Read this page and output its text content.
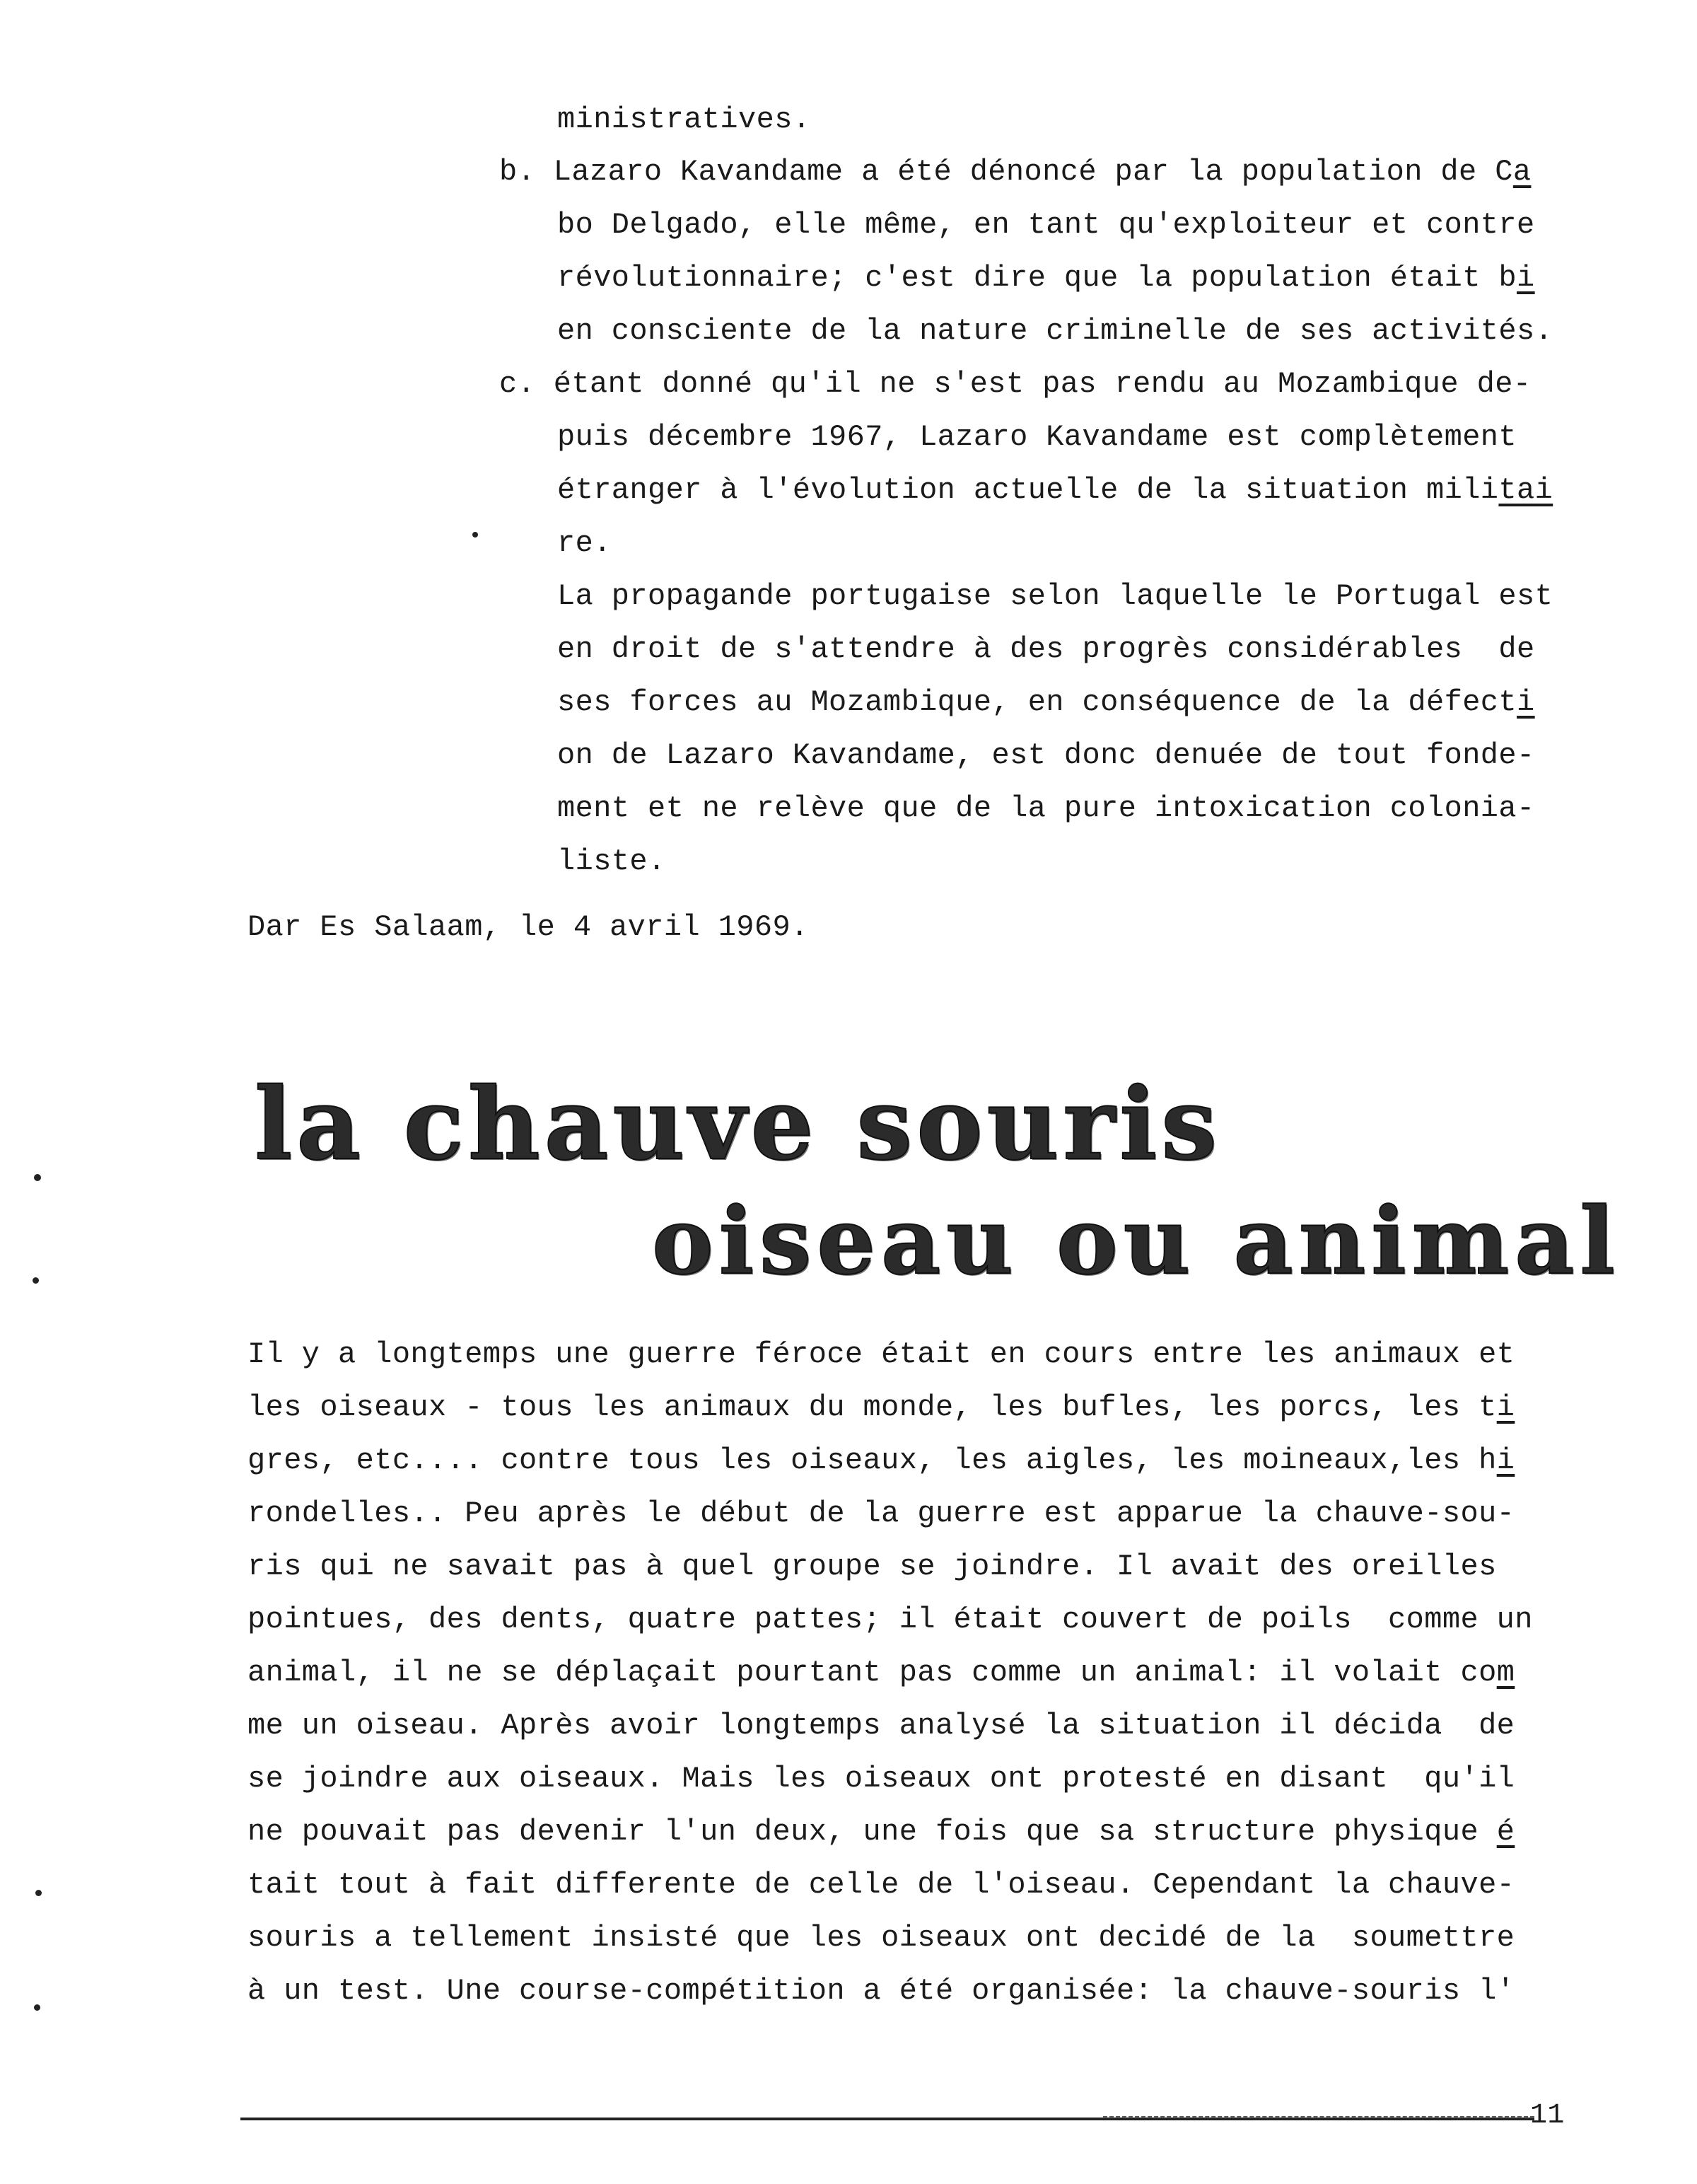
ministratives.
b. Lazaro Kavandame a été dénoncé par la population de Ca
bo Delgado, elle même, en tant qu'exploiteur et contre
révolutionnaire; c'est dire que la population était bi
en consciente de la nature criminelle de ses activités.
c. étant donné qu'il ne s'est pas rendu au Mozambique de-
puis décembre 1967, Lazaro Kavandame est complètement
étranger à l'évolution actuelle de la situation militai
re.
La propagande portugaise selon laquelle le Portugal est
en droit de s'attendre à des progrès considérables  de
ses forces au Mozambique, en conséquence de la défecti
on de Lazaro Kavandame, est donc denuée de tout fonde-
ment et ne relève que de la pure intoxication colonia-
liste.
Dar Es Salaam, le 4 avril 1969.
la chauve souris
oiseau ou animal
Il y a longtemps une guerre féroce était en cours entre les animaux et
les oiseaux - tous les animaux du monde, les bufles, les porcs, les ti
gres, etc.... contre tous les oiseaux, les aigles, les moineaux,les hi
rondelles.. Peu après le début de la guerre est apparue la chauve-sou-
ris qui ne savait pas à quel groupe se joindre. Il avait des oreilles
pointues, des dents, quatre pattes; il était couvert de poils  comme un
animal, il ne se déplaçait pourtant pas comme un animal: il volait com
me un oiseau. Après avoir longtemps analysé la situation il décida  de
se joindre aux oiseaux. Mais les oiseaux ont protesté en disant  qu'il
ne pouvait pas devenir l'un deux, une fois que sa structure physique é
tait tout à fait differente de celle de l'oiseau. Cependant la chauve-
souris a tellement insisté que les oiseaux ont decidé de la  soumettre
à un test. Une course-compétition a été organisée: la chauve-souris l'
11
